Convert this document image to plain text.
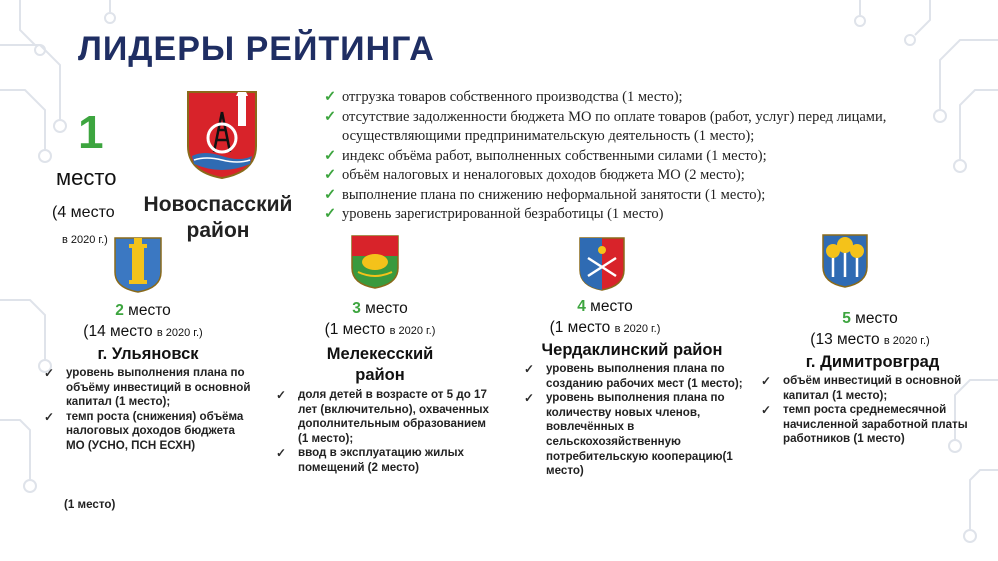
ЛИДЕРЫ РЕЙТИНГА
1
место
(4 место
в 2020 г.)
Новоспасский
район
✓ отгрузка товаров собственного производства (1 место);
✓ отсутствие задолженности бюджета МО по оплате товаров (работ, услуг) перед лицами, осуществляющими предпринимательскую деятельность (1 место);
✓ индекс объёма работ, выполненных собственными силами (1 место);
✓ объём налоговых и неналоговых доходов бюджета МО (2 место);
✓ выполнение плана по снижению неформальной занятости (1 место);
✓ уровень зарегистрированной безработицы (1 место)
2 место
(14 место в 2020 г.)
г. Ульяновск
✓ уровень выполнения плана по объёму инвестиций в основной капитал (1 место);
✓ темп роста (снижения) объёма налоговых доходов бюджета МО (УСНО, ПСН ЕСХН)
(1 место)
3 место
(1 место в 2020 г.)
Мелекесский район
✓ доля детей в возрасте от 5 до 17 лет (включительно), охваченных дополнительным образованием (1 место);
✓ ввод в эксплуатацию жилых помещений (2 место)
4 место
(1 место в 2020 г.)
Чердаклинский район
✓ уровень выполнения плана по созданию рабочих мест (1 место);
✓ уровень выполнения плана по количеству новых членов, вовлечённых в сельскохозяйственную потребительскую кооперацию(1 место)
5 место
(13 место в 2020 г.)
г. Димитровград
✓ объём инвестиций в основной капитал (1 место);
✓ темп роста среднемесячной начисленной заработной платы работников (1 место)
